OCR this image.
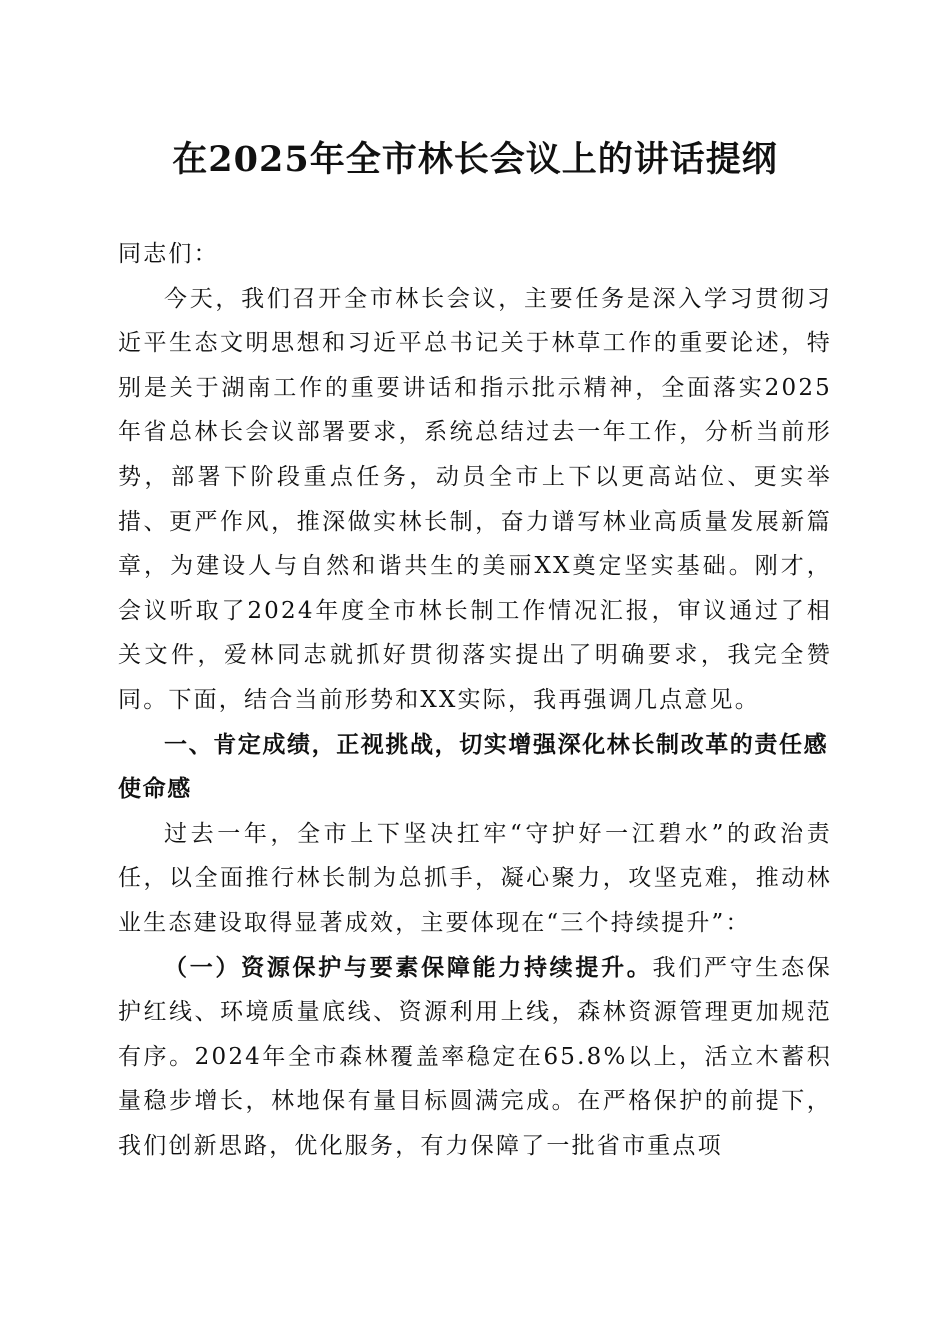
在2025年全市林长会议上的讲话提纲

同志们：

今天，我们召开全市林长会议，主要任务是深入学习贯彻习近平生态文明思想和习近平总书记关于林草工作的重要论述，特别是关于湖南工作的重要讲话和指示批示精神，全面落实2025年省总林长会议部署要求，系统总结过去一年工作，分析当前形势，部署下阶段重点任务，动员全市上下以更高站位、更实举措、更严作风，推深做实林长制，奋力谱写林业高质量发展新篇章，为建设人与自然和谐共生的美丽XX奠定坚实基础。刚才，会议听取了2024年度全市林长制工作情况汇报，审议通过了相关文件，爱林同志就抓好贯彻落实提出了明确要求，我完全赞同。下面，结合当前形势和XX实际，我再强调几点意见。

一、肯定成绩，正视挑战，切实增强深化林长制改革的责任感使命感

过去一年，全市上下坚决扛牢“守护好一江碧水”的政治责任，以全面推行林长制为总抓手，凝心聚力，攻坚克难，推动林业生态建设取得显著成效，主要体现在“三个持续提升”：

（一）资源保护与要素保障能力持续提升。我们严守生态保护红线、环境质量底线、资源利用上线，森林资源管理更加规范有序。2024年全市森林覆盖率稳定在65.8%以上，活立木蓄积量稳步增长，林地保有量目标圆满完成。在严格保护的前提下，我们创新思路，优化服务，有力保障了一批省市重点项
